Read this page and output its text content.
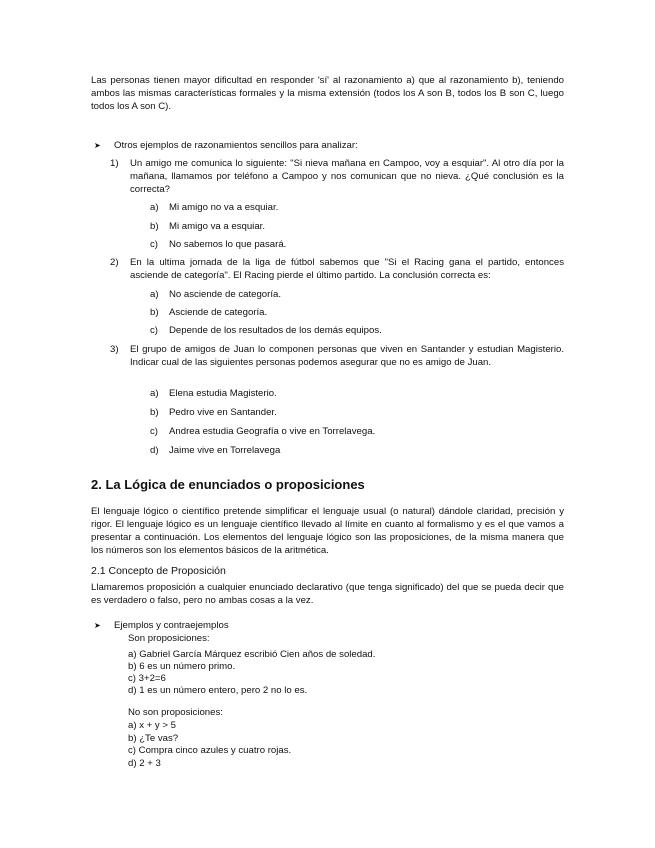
Las personas tienen mayor dificultad en responder 'sí' al razonamiento a) que al razonamiento b), teniendo ambos las mismas características formales y la misma extensión (todos los A son B, todos los B son C, luego todos los A son C).
➤ Otros ejemplos de razonamientos sencillos para analizar:
1) Un amigo me comunica lo siguiente: "Si nieva mañana en Campoo, voy a esquiar". Al otro día por la mañana, llamamos por teléfono a Campoo y nos comunican que no nieva. ¿Qué conclusión es la correcta?
a) Mi amigo no va a esquiar.
b) Mi amigo va a esquiar.
c) No sabemos lo que pasará.
2) En la ultima jornada de la liga de fútbol sabemos que "Si el Racing gana el partido, entonces asciende de categoría". El Racing pierde el último partido. La conclusión correcta es:
a) No asciende de categoría.
b) Asciende de categoría.
c) Depende de los resultados de los demás equipos.
3) El grupo de amigos de Juan lo componen personas que viven en Santander y estudian Magisterio. Indicar cual de las siguientes personas podemos asegurar que no es amigo de Juan.
a) Elena estudia Magisterio.
b) Pedro vive en Santander.
c) Andrea estudia Geografía o vive en Torrelavega.
d) Jaime vive en Torrelavega
2. La Lógica de enunciados o proposiciones
El lenguaje lógico o científico pretende simplificar el lenguaje usual (o natural) dándole claridad, precisión y rigor. El lenguaje lógico es un lenguaje científico llevado al límite en cuanto al formalismo y es el que vamos a presentar a continuación. Los elementos del lenguaje lógico son las proposiciones, de la misma manera que los números son los elementos básicos de la aritmética.
2.1 Concepto de Proposición
Llamaremos proposición a cualquier enunciado declarativo (que tenga significado) del que se pueda decir que es verdadero o falso, pero no ambas cosas a la vez.
➤ Ejemplos y contraejemplos
Son proposiciones:
a) Gabriel García Márquez escribió Cien años de soledad.
b) 6 es un número primo.
c) 3+2=6
d) 1 es un número entero, pero 2 no lo es.
No son proposiciones:
a) x + y > 5
b) ¿Te vas?
c) Compra cinco azules y cuatro rojas.
d) 2 + 3
